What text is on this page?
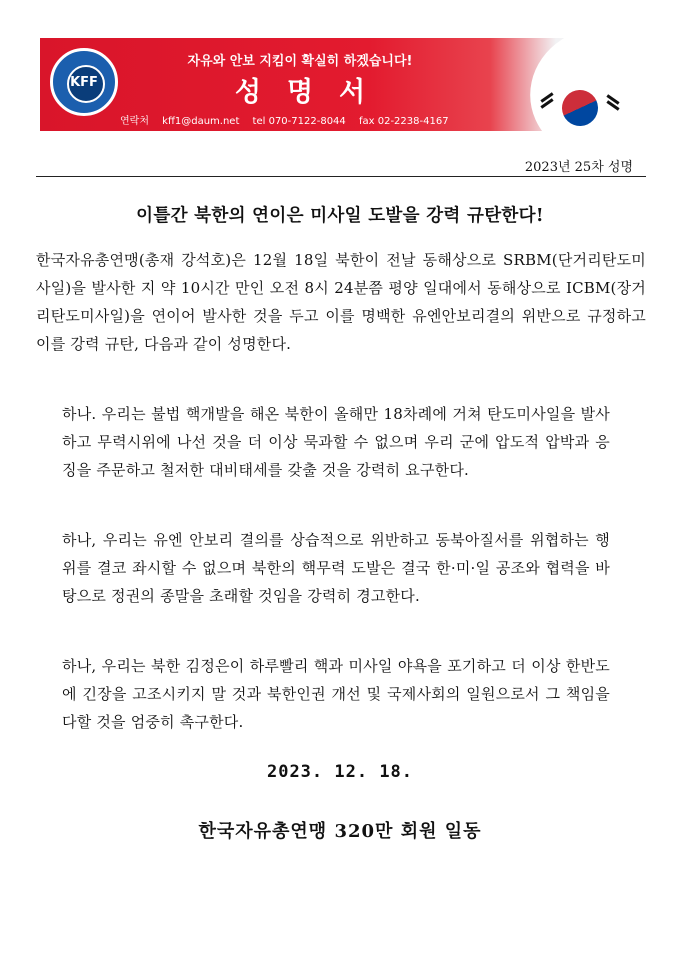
KFF
자유와 안보 지킴이 확실히 하겠습니다!
성명서
연락처 kff1@daum.net tel 070-7122-8044 fax 02-2238-4167
2023년 25차 성명
이틀간 북한의 연이은 미사일 도발을 강력 규탄한다!
한국자유총연맹(총재 강석호)은 12월 18일 북한이 전날 동해상으로 SRBM(단거리탄도미사일)을 발사한 지 약 10시간 만인 오전 8시 24분쯤 평양 일대에서 동해상으로 ICBM(장거리탄도미사일)을 연이어 발사한 것을 두고 이를 명백한 유엔안보리결의 위반으로 규정하고 이를 강력 규탄, 다음과 같이 성명한다.
하나. 우리는 불법 핵개발을 해온 북한이 올해만 18차례에 거쳐 탄도미사일을 발사하고 무력시위에 나선 것을 더 이상 묵과할 수 없으며 우리 군에 압도적 압박과 응징을 주문하고 철저한 대비태세를 갖출 것을 강력히 요구한다.
하나, 우리는 유엔 안보리 결의를 상습적으로 위반하고 동북아질서를 위협하는 행위를 결코 좌시할 수 없으며 북한의 핵무력 도발은 결국 한·미·일 공조와 협력을 바탕으로 정권의 종말을 초래할 것임을 강력히 경고한다.
하나, 우리는 북한 김정은이 하루빨리 핵과 미사일 야욕을 포기하고 더 이상 한반도에 긴장을 고조시키지 말 것과 북한인권 개선 및 국제사회의 일원으로서 그 책임을 다할 것을 엄중히 촉구한다.
2023. 12. 18.
한국자유총연맹 320만 회원 일동
